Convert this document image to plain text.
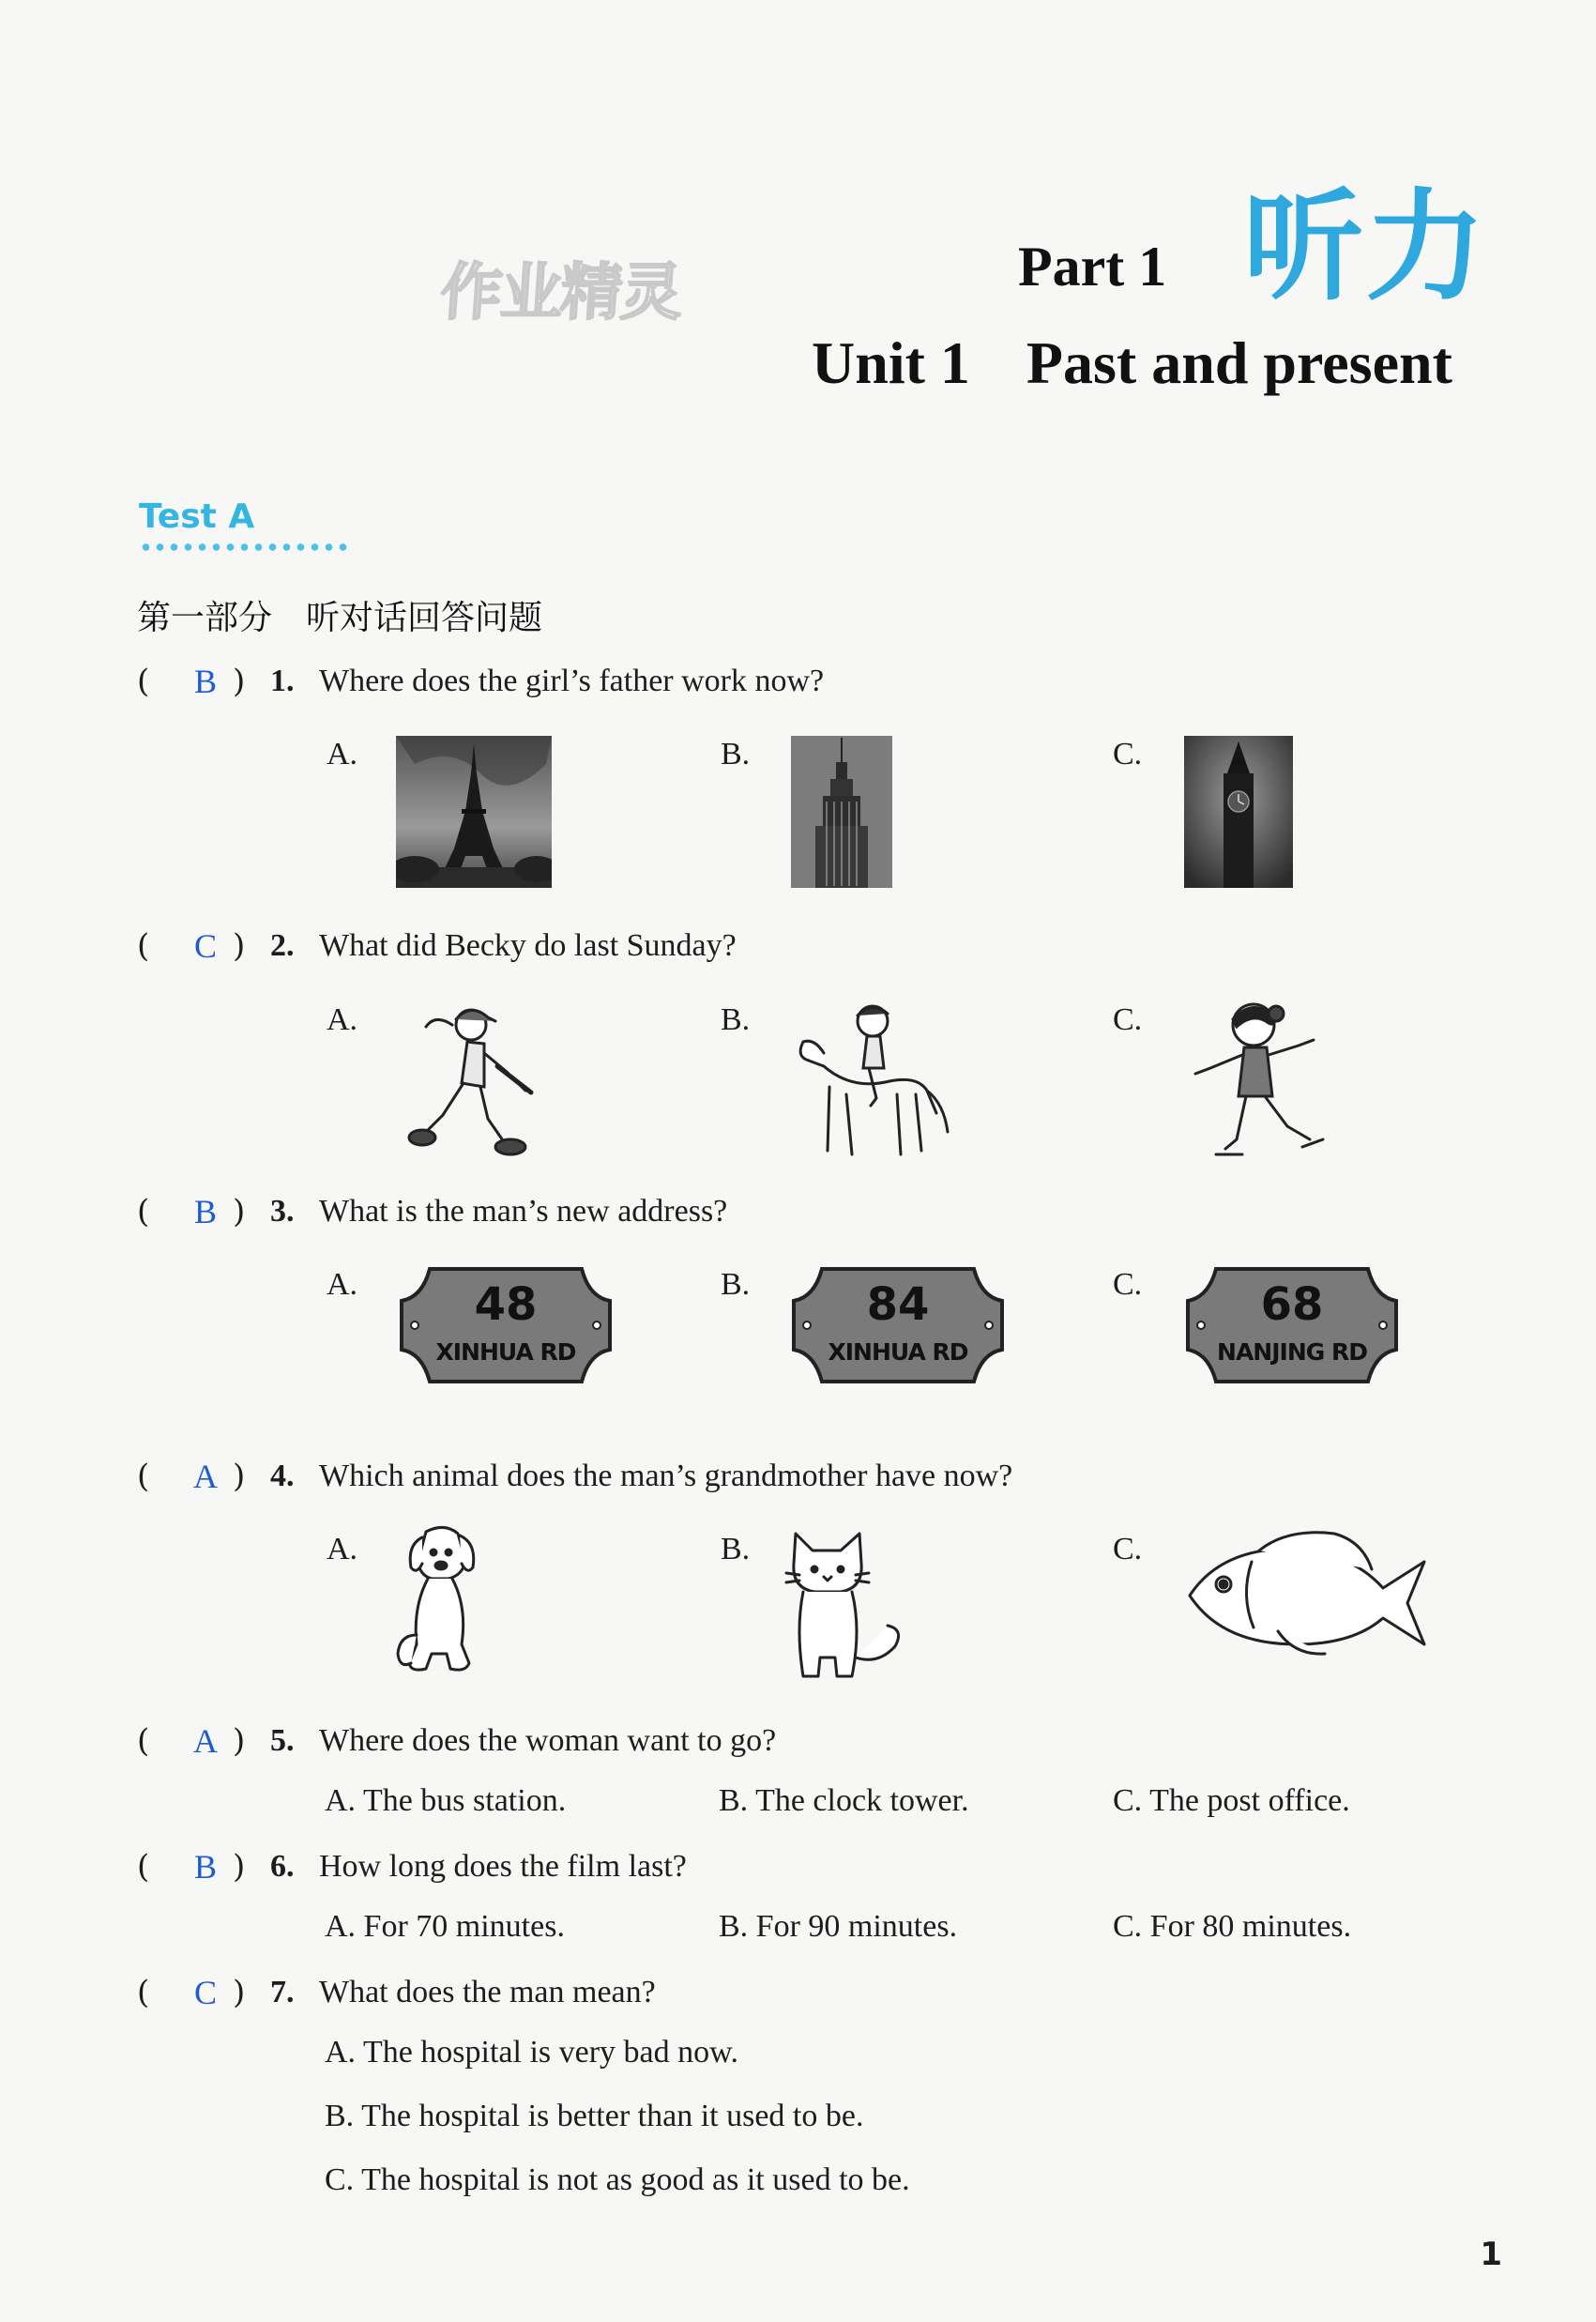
作业精灵	Part 1 听力
Unit 1 Past and present
Test A
第一部分　听对话回答问题
(	B ) 1. Where does the girl’s father work now?
A.	B.	C.
(	C ) 2. What did Becky do last Sunday?
A.	B.	C.
(	B ) 3. What is the man’s new address?
A.	B.	C.
48
XINHUA RD
84
XINHUA RD
68
NANJING RD
(	A ) 4. Which animal does the man’s grandmother have now?
A.	B.	C.
(	A ) 5. Where does the woman want to go?
A. The bus station.	B. The clock tower.	C. The post office.
(	B ) 6. How long does the film last?
A. For 70 minutes.	B. For 90 minutes.	C. For 80 minutes.
(	C ) 7. What does the man mean?
A. The hospital is very bad now.
B. The hospital is better than it used to be.
C. The hospital is not as good as it used to be.
1
